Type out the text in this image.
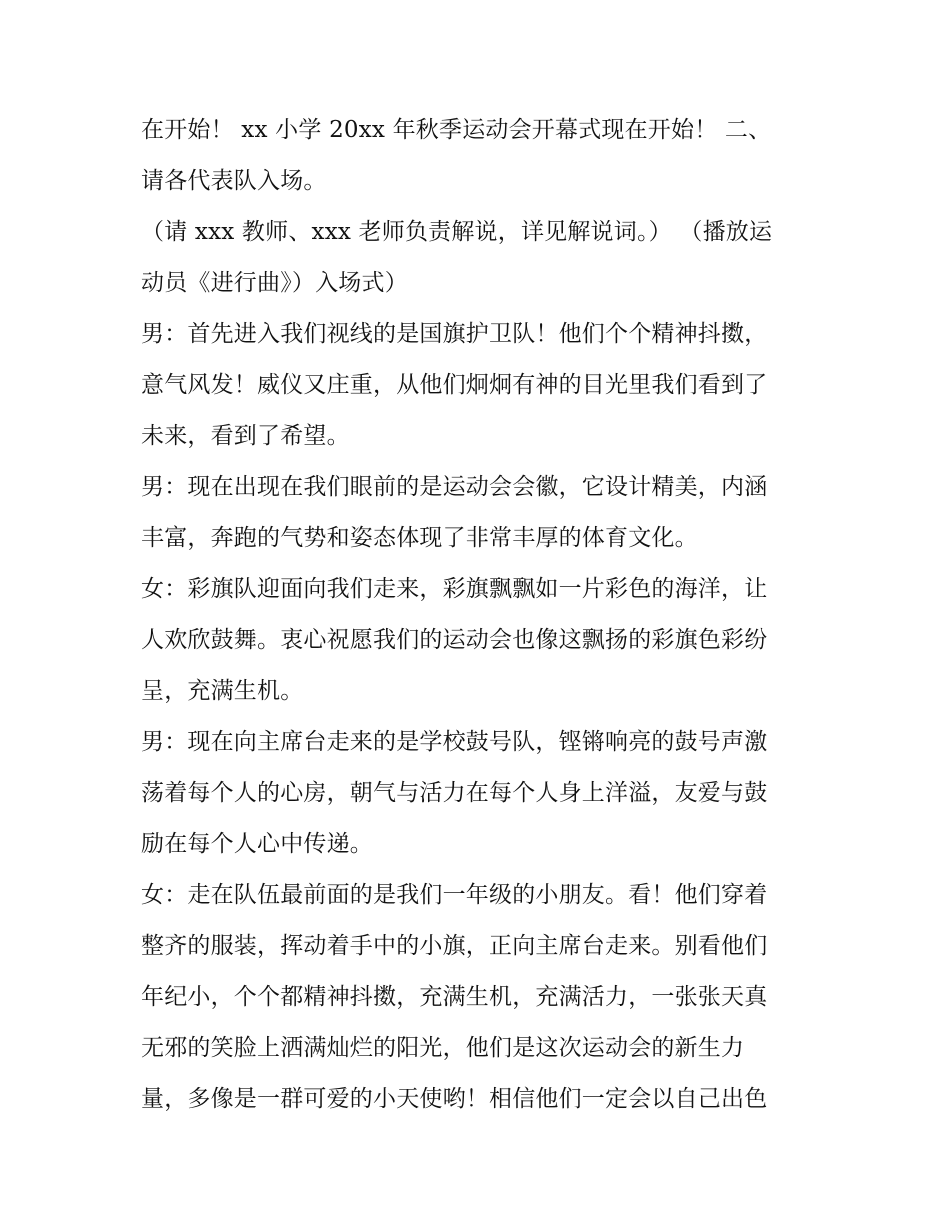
在开始！ xx 小学 20xx 年秋季运动会开幕式现在开始！ 二、
请各代表队入场。
（请 xxx 教师、xxx 老师负责解说，详见解说词。） （播放运
动员《进行曲》）入场式）
男：首先进入我们视线的是国旗护卫队！他们个个精神抖擞，
意气风发！威仪又庄重，从他们炯炯有神的目光里我们看到了
未来，看到了希望。
男：现在出现在我们眼前的是运动会会徽，它设计精美，内涵
丰富，奔跑的气势和姿态体现了非常丰厚的体育文化。
女：彩旗队迎面向我们走来，彩旗飘飘如一片彩色的海洋，让
人欢欣鼓舞。衷心祝愿我们的运动会也像这飘扬的彩旗色彩纷
呈，充满生机。
男：现在向主席台走来的是学校鼓号队，铿锵响亮的鼓号声激
荡着每个人的心房，朝气与活力在每个人身上洋溢，友爱与鼓
励在每个人心中传递。
女：走在队伍最前面的是我们一年级的小朋友。看！他们穿着
整齐的服装，挥动着手中的小旗，正向主席台走来。别看他们
年纪小，个个都精神抖擞，充满生机，充满活力，一张张天真
无邪的笑脸上洒满灿烂的阳光，他们是这次运动会的新生力
量，多像是一群可爱的小天使哟！相信他们一定会以自己出色
